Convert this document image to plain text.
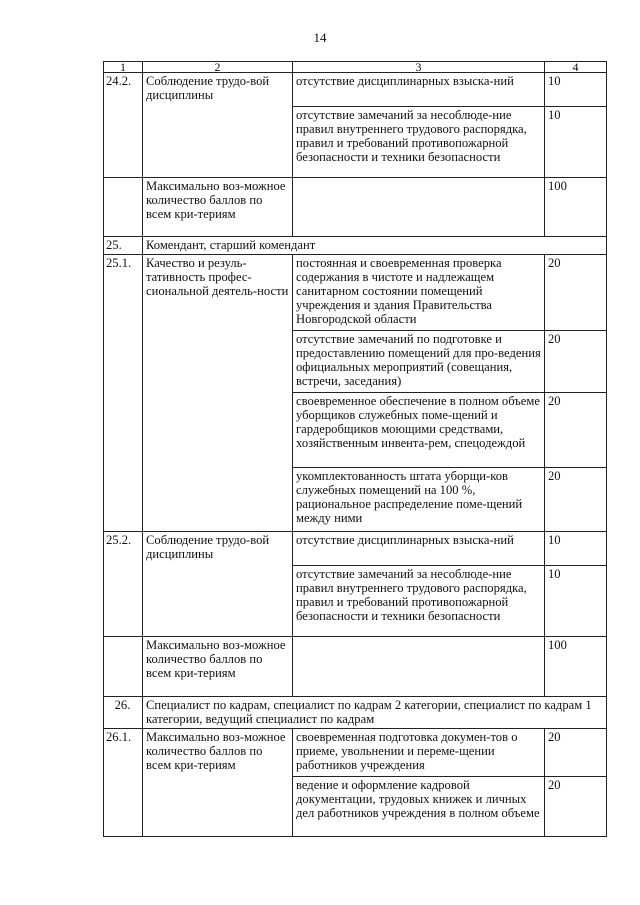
14
1	2	3	4
24.2.	Соблюдение трудо-вой дисциплины	отсутствие дисциплинарных взыска-ний	10
		отсутствие замечаний за несоблюде-ние правил внутреннего трудового распорядка, правил и требований противопожарной безопасности и техники безопасности	10
	Максимально воз-можное количество баллов по всем кри-териям		100
25.	Комендант, старший комендант		
25.1.	Качество и резуль-тативность профес-сиональной деятель-ности	постоянная и своевременная проверка содержания в чистоте и надлежащем санитарном состоянии помещений учреждения и здания Правительства Новгородской области	20
		отсутствие замечаний по подготовке и предоставлению помещений для про-ведения официальных мероприятий (совещания, встречи, заседания)	20
		своевременное обеспечение в полном объеме уборщиков служебных поме-щений и гардеробщиков моющими средствами, хозяйственным инвента-рем, спецодеждой	20
		укомплектованность штата уборщи-ков служебных помещений на 100 %, рациональное распределение поме-щений между ними	20
25.2.	Соблюдение трудо-вой дисциплины	отсутствие дисциплинарных взыска-ний	10
		отсутствие замечаний за несоблюде-ние правил внутреннего трудового распорядка, правил и требований противопожарной безопасности и техники безопасности	10
	Максимально воз-можное количество баллов по всем кри-териям		100
26.	Специалист по кадрам, специалист по кадрам 2 категории, специалист по кадрам 1 категории, ведущий специалист по кадрам		
26.1.	Максимально воз-можное количество баллов по всем кри-териям	своевременная подготовка докумен-тов о приеме, увольнении и переме-щении работников учреждения	20
		ведение и оформление кадровой документации, трудовых книжек и личных дел работников учреждения в полном объеме	20
